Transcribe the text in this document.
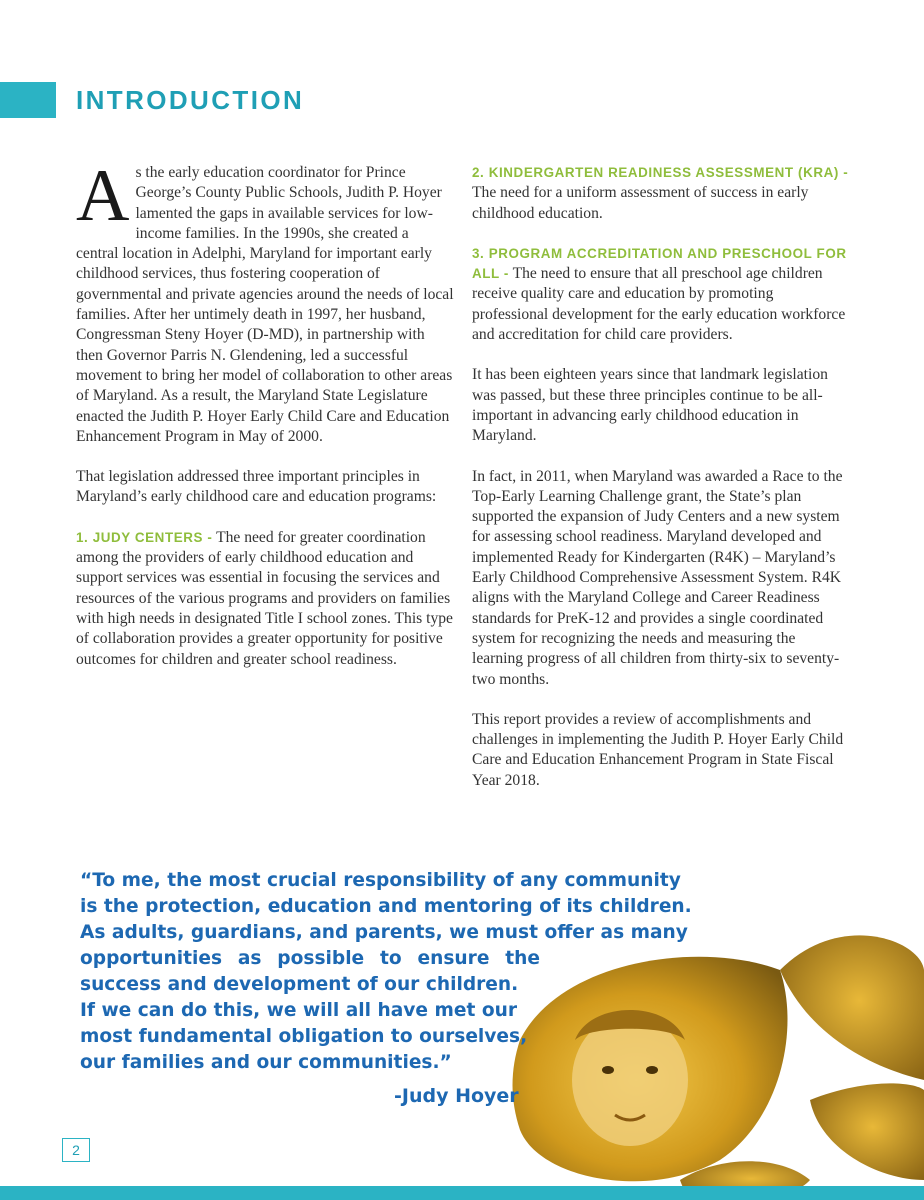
INTRODUCTION

As the early education coordinator for Prince George’s County Public Schools, Judith P. Hoyer lamented the gaps in available services for low-income families. In the 1990s, she created a central location in Adelphi, Maryland for important early childhood services, thus fostering cooperation of governmental and private agencies around the needs of local families. After her untimely death in 1997, her husband, Congressman Steny Hoyer (D-MD), in partnership with then Governor Parris N. Glendening, led a successful movement to bring her model of collaboration to other areas of Maryland. As a result, the Maryland State Legislature enacted the Judith P. Hoyer Early Child Care and Education Enhancement Program in May of 2000.

That legislation addressed three important principles in Maryland’s early childhood care and education programs:

1. JUDY CENTERS - The need for greater coordination among the providers of early childhood education and support services was essential in focusing the services and resources of the various programs and providers on families with high needs in designated Title I school zones. This type of collaboration provides a greater opportunity for positive outcomes for children and greater school readiness.

2. KINDERGARTEN READINESS ASSESSMENT (KRA) - The need for a uniform assessment of success in early childhood education.

3. PROGRAM ACCREDITATION AND PRESCHOOL FOR ALL - The need to ensure that all preschool age children receive quality care and education by promoting professional development for the early education workforce and accreditation for child care providers.

It has been eighteen years since that landmark legislation was passed, but these three principles continue to be all-important in advancing early childhood education in Maryland.

In fact, in 2011, when Maryland was awarded a Race to the Top-Early Learning Challenge grant, the State’s plan supported the expansion of Judy Centers and a new system for assessing school readiness. Maryland developed and implemented Ready for Kindergarten (R4K) – Maryland’s Early Childhood Comprehensive Assessment System. R4K aligns with the Maryland College and Career Readiness standards for PreK-12 and provides a single coordinated system for recognizing the needs and measuring the learning progress of all children from thirty-six to seventy-two months.

This report provides a review of accomplishments and challenges in implementing the Judith P. Hoyer Early Child Care and Education Enhancement Program in State Fiscal Year 2018.

“To me, the most crucial responsibility of any community
is the protection, education and mentoring of its children.
As adults, guardians, and parents, we must offer as many
opportunities as possible to ensure the
success and development of our children.
If we can do this, we will all have met our
most fundamental obligation to ourselves,
our families and our communities.”

-Judy Hoyer

2
